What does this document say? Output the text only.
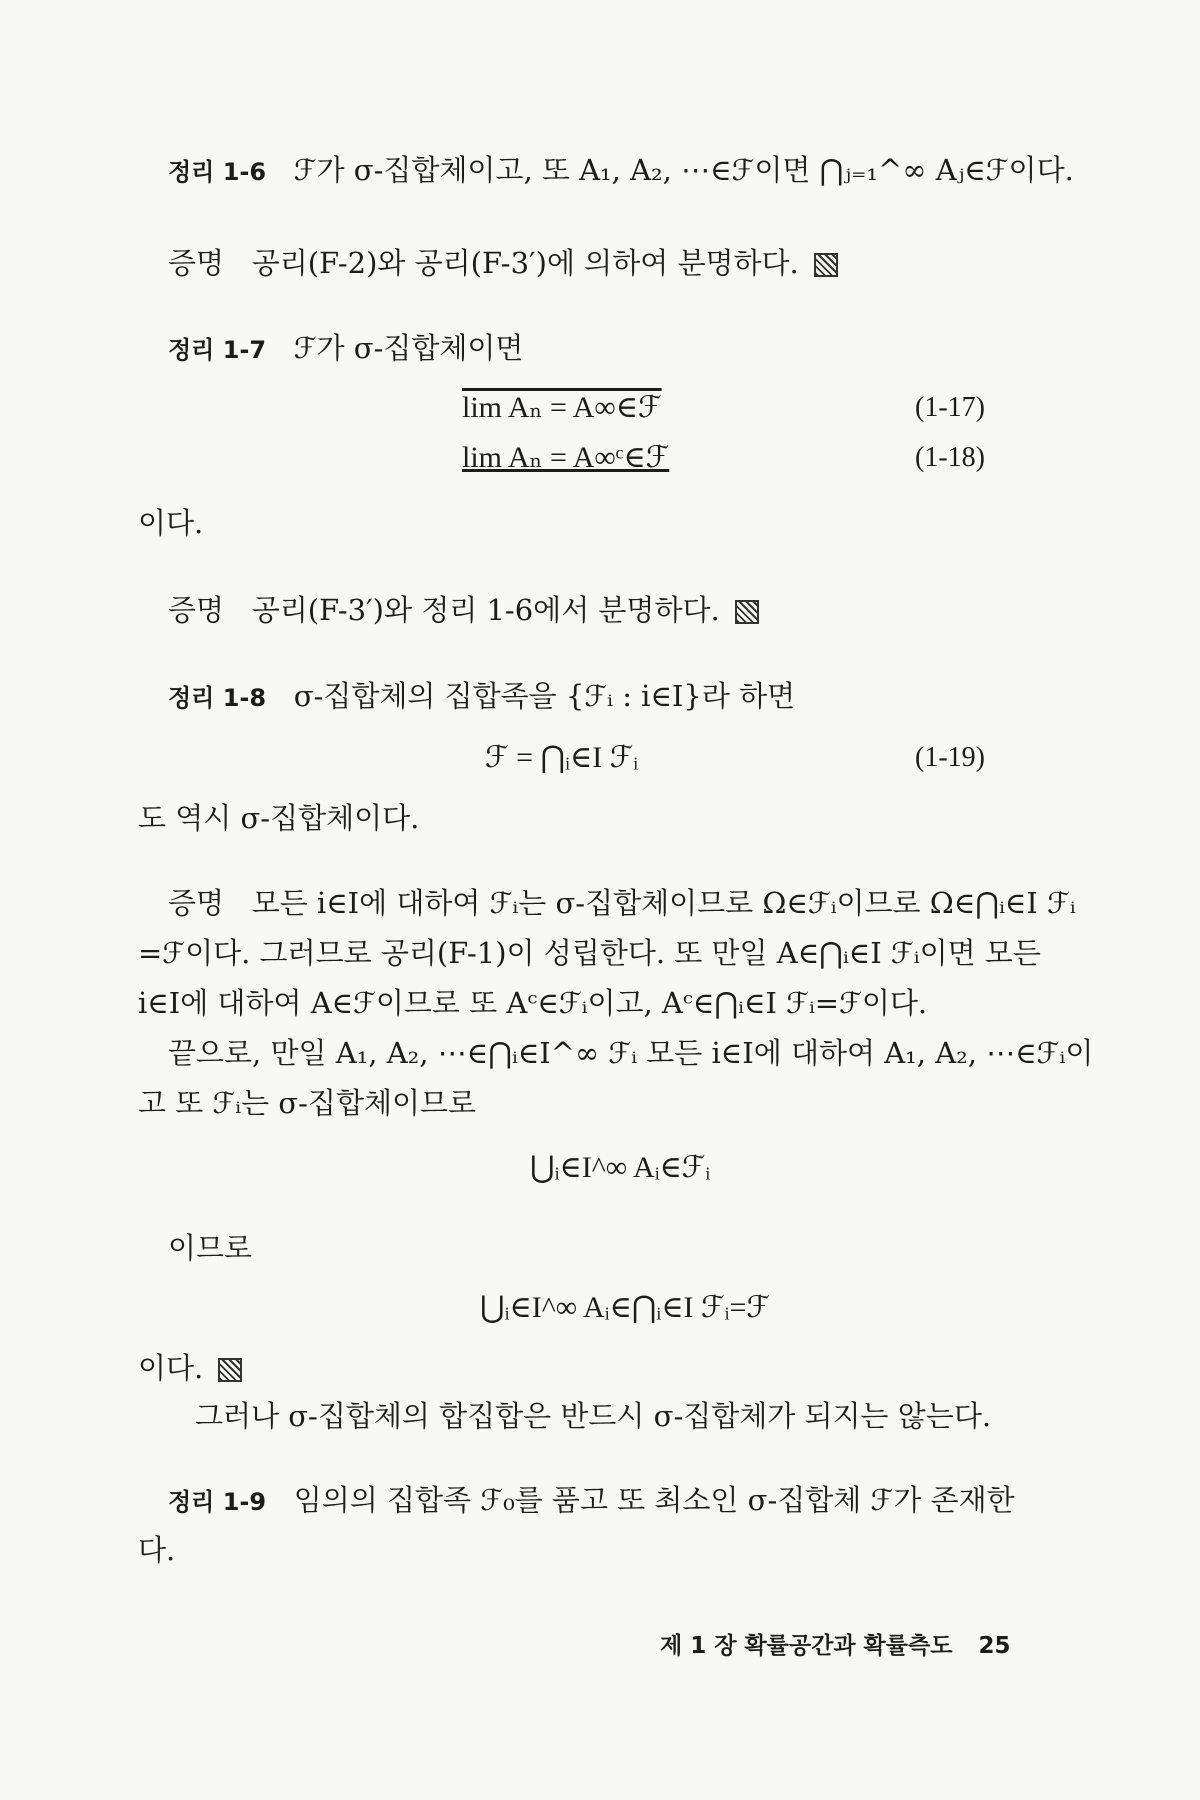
정리 1-6 ℱ가 σ-집합체이고, 또 A₁, A₂, ⋯∈ℱ이면 ⋂ⱼ₌₁^∞ Aⱼ∈ℱ이다.
증명 공리(F-2)와 공리(F-3′)에 의하여 분명하다.
정리 1-7 ℱ가 σ-집합체이면
lim Aₙ = A∞∈ℱ	(1-17)
lim Aₙ = A∞ᶜ∈ℱ	(1-18)
이다.
증명 공리(F-3′)와 정리 1-6에서 분명하다.
정리 1-8 σ-집합체의 집합족을 {ℱᵢ : i∈I}라 하면
ℱ = ⋂ᵢ∈I ℱᵢ	(1-19)
도 역시 σ-집합체이다.
증명 모든 i∈I에 대하여 ℱᵢ는 σ-집합체이므로 Ω∈ℱᵢ이므로 Ω∈⋂ᵢ∈I ℱᵢ
=ℱ이다. 그러므로 공리(F-1)이 성립한다. 또 만일 A∈⋂ᵢ∈I ℱᵢ이면 모든
i∈I에 대하여 A∈ℱ이므로 또 Aᶜ∈ℱᵢ이고, Aᶜ∈⋂ᵢ∈I ℱᵢ=ℱ이다.
끝으로, 만일 A₁, A₂, ⋯∈⋂ᵢ∈I^∞ ℱᵢ 모든 i∈I에 대하여 A₁, A₂, ⋯∈ℱᵢ이
고 또 ℱᵢ는 σ-집합체이므로
⋃ᵢ∈I^∞ Aᵢ∈ℱᵢ
이므로
⋃ᵢ∈I^∞ Aᵢ∈⋂ᵢ∈I ℱᵢ=ℱ
이다.
그러나 σ-집합체의 합집합은 반드시 σ-집합체가 되지는 않는다.
정리 1-9 임의의 집합족 ℱ₀를 품고 또 최소인 σ-집합체 ℱ가 존재한
다.
제 1 장 확률공간과 확률측도 25
